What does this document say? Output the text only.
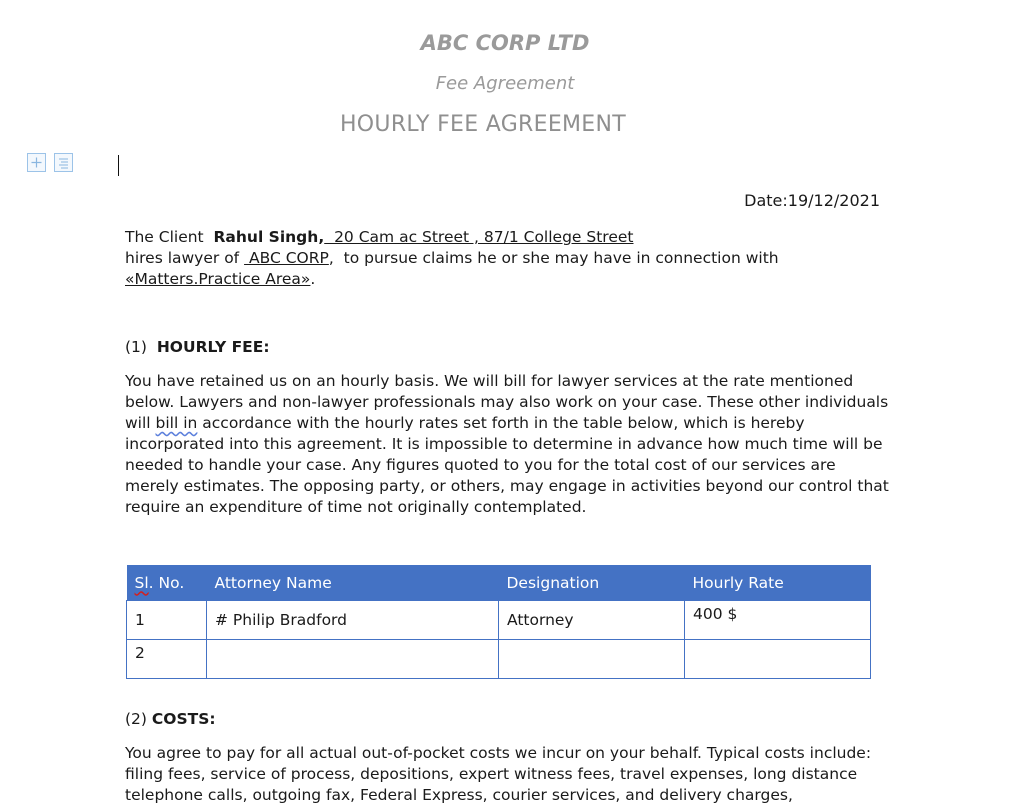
ABC CORP LTD
Fee Agreement
HOURLY FEE AGREEMENT
Date:19/12/2021
The Client Rahul Singh,  20 Cam ac Street , 87/1 College Street
hires lawyer of  ABC CORP,  to pursue claims he or she may have in connection with
«Matters.Practice Area».
(1) HOURLY FEE:
You have retained us on an hourly basis. We will bill for lawyer services at the rate mentioned below. Lawyers and non-lawyer professionals may also work on your case. These other individuals will bill in accordance with the hourly rates set forth in the table below, which is hereby incorporated into this agreement. It is impossible to determine in advance how much time will be needed to handle your case. Any figures quoted to you for the total cost of our services are merely estimates. The opposing party, or others, may engage in activities beyond our control that require an expenditure of time not originally contemplated.
Sl. No.	Attorney Name	Designation	Hourly Rate
1	# Philip Bradford	Attorney	400 $
2			
(2) COSTS:
You agree to pay for all actual out-of-pocket costs we incur on your behalf. Typical costs include: filing fees, service of process, depositions, expert witness fees, travel expenses, long distance telephone calls, outgoing fax, Federal Express, courier services, and delivery charges,
